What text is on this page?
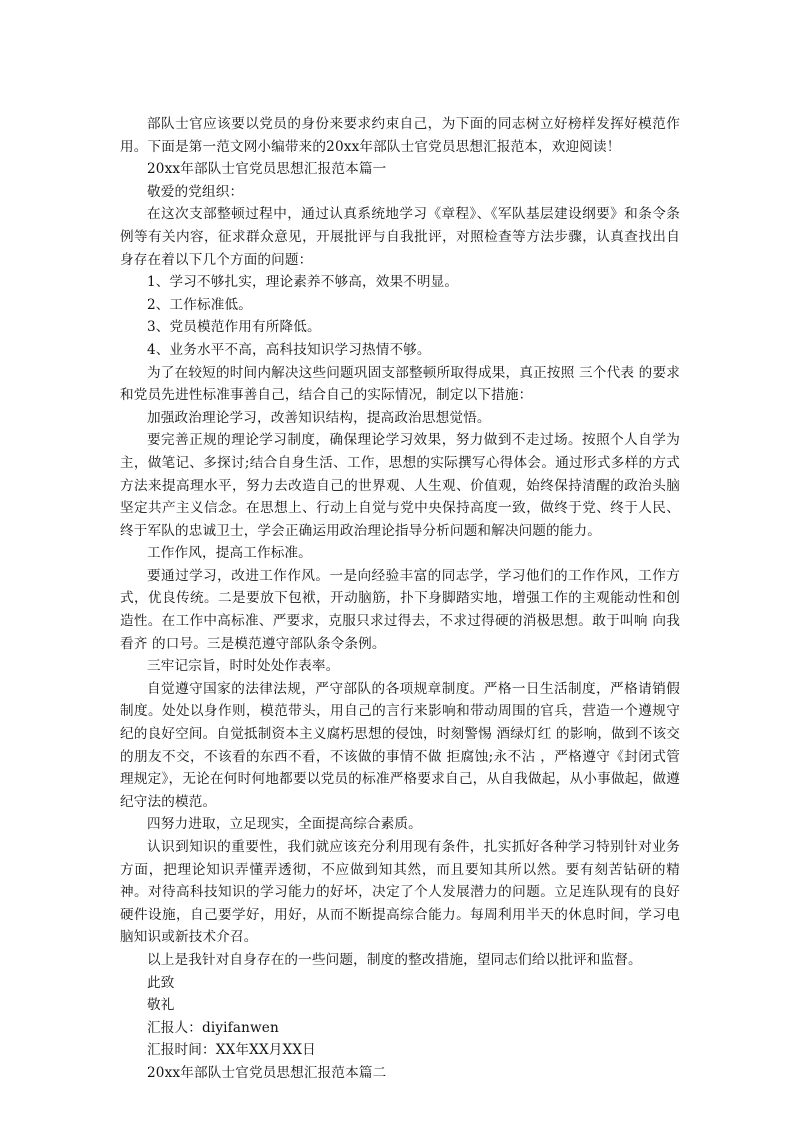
部队士官应该要以党员的身份来要求约束自己，为下面的同志树立好榜样发挥好模范作用。下面是第一范文网小编带来的20xx年部队士官党员思想汇报范本，欢迎阅读！

20xx年部队士官党员思想汇报范本篇一

敬爱的党组织：

在这次支部整顿过程中，通过认真系统地学习《章程》、《军队基层建设纲要》和条令条例等有关内容，征求群众意见，开展批评与自我批评，对照检查等方法步骤，认真查找出自身存在着以下几个方面的问题：

1、学习不够扎实，理论素养不够高，效果不明显。

2、工作标准低。

3、党员模范作用有所降低。

4、业务水平不高，高科技知识学习热情不够。

为了在较短的时间内解决这些问题巩固支部整顿所取得成果，真正按照 三个代表 的要求和党员先进性标准事善自己，结合自己的实际情况，制定以下措施：

加强政治理论学习，改善知识结构，提高政治思想觉悟。

要完善正规的理论学习制度，确保理论学习效果，努力做到不走过场。按照个人自学为主，做笔记、多探讨;结合自身生活、工作，思想的实际撰写心得体会。通过形式多样的方式方法来提高理水平，努力去改造自己的世界观、人生观、价值观，始终保持清醒的政治头脑坚定共产主义信念。在思想上、行动上自觉与党中央保持高度一致，做终于党、终于人民、终于军队的忠诚卫士，学会正确运用政治理论指导分析问题和解决问题的能力。

工作作风，提高工作标准。

要通过学习，改进工作作风。一是向经验丰富的同志学，学习他们的工作作风，工作方式，优良传统。二是要放下包袱，开动脑筋，扑下身脚踏实地，增强工作的主观能动性和创造性。在工作中高标准、严要求，克服只求过得去，不求过得硬的消极思想。敢于叫响 向我看齐 的口号。三是模范遵守部队条令条例。

三牢记宗旨，时时处处作表率。

自觉遵守国家的法律法规，严守部队的各项规章制度。严格一日生活制度，严格请销假制度。处处以身作则，模范带头，用自己的言行来影响和带动周围的官兵，营造一个遵规守纪的良好空间。自觉抵制资本主义腐朽思想的侵蚀，时刻警惕 酒绿灯红 的影响，做到不该交的朋友不交，不该看的东西不看，不该做的事情不做 拒腐蚀;永不沾 ，严格遵守《封闭式管理规定》，无论在何时何地都要以党员的标准严格要求自己，从自我做起，从小事做起，做遵纪守法的模范。

四努力进取，立足现实，全面提高综合素质。

认识到知识的重要性，我们就应该充分利用现有条件，扎实抓好各种学习特别针对业务方面，把理论知识弄懂弄透彻，不应做到知其然，而且要知其所以然。要有刻苦钻研的精神。对待高科技知识的学习能力的好坏，决定了个人发展潜力的问题。立足连队现有的良好硬件设施，自己要学好，用好，从而不断提高综合能力。每周利用半天的休息时间，学习电脑知识或新技术介召。

以上是我针对自身存在的一些问题，制度的整改措施，望同志们给以批评和监督。

此致

敬礼

汇报人：diyifanwen

汇报时间：XX年XX月XX日

20xx年部队士官党员思想汇报范本篇二
